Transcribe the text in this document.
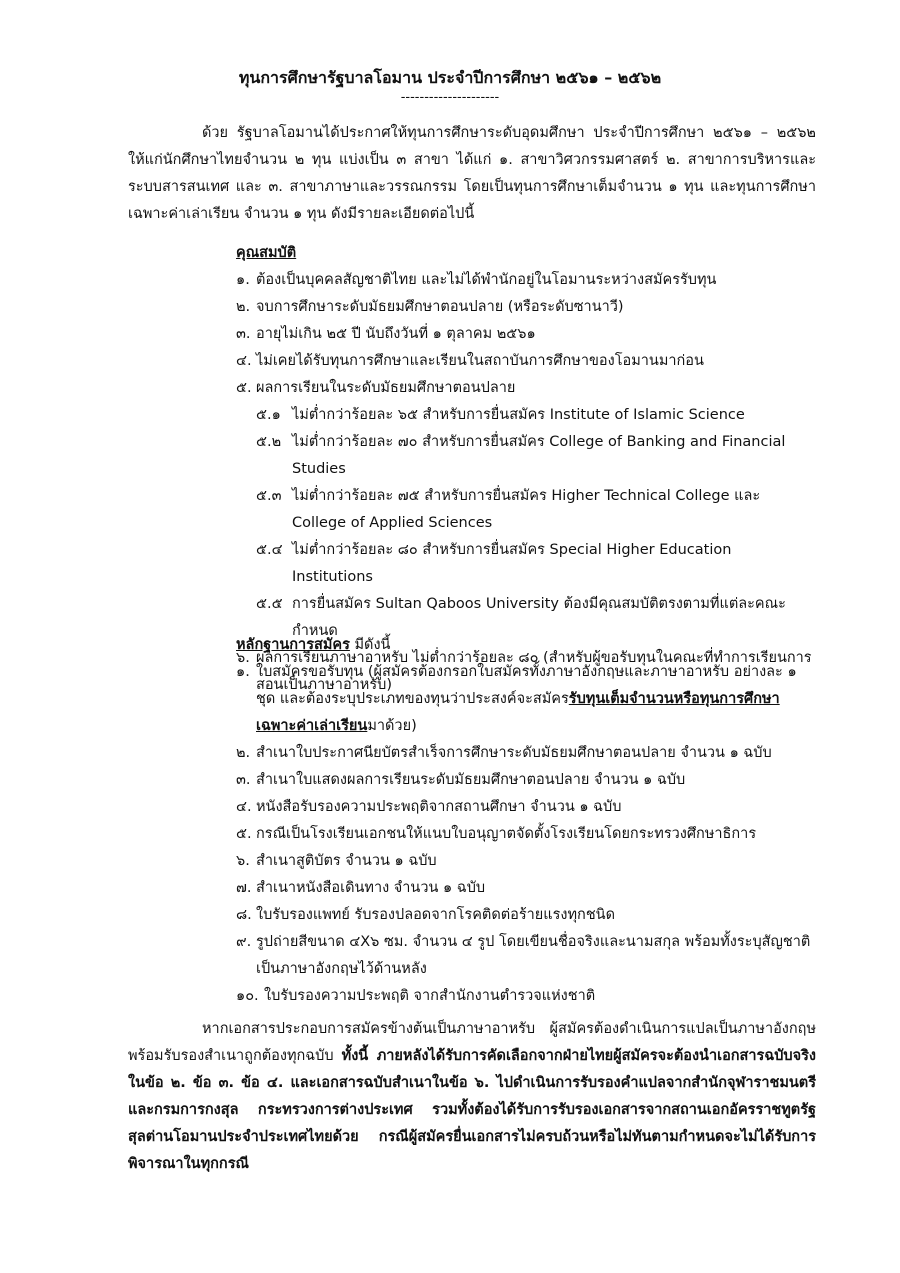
ทุนการศึกษารัฐบาลโอมาน ประจำปีการศึกษา ๒๕๖๑ – ๒๕๖๒
---------------------
ด้วย รัฐบาลโอมานได้ประกาศให้ทุนการศึกษาระดับอุดมศึกษา ประจำปีการศึกษา ๒๕๖๑ – ๒๕๖๒ ให้แก่นักศึกษาไทยจำนวน ๒ ทุน แบ่งเป็น ๓ สาขา ได้แก่ ๑. สาขาวิศวกรรมศาสตร์ ๒. สาขาการบริหารและระบบสารสนเทศ และ ๓. สาขาภาษาและวรรณกรรม โดยเป็นทุนการศึกษาเต็มจำนวน ๑ ทุน และทุนการศึกษาเฉพาะค่าเล่าเรียน จำนวน ๑ ทุน ดังมีรายละเอียดต่อไปนี้
คุณสมบัติ
๑. ต้องเป็นบุคคลสัญชาติไทย และไม่ได้พำนักอยู่ในโอมานระหว่างสมัครรับทุน
๒. จบการศึกษาระดับมัธยมศึกษาตอนปลาย (หรือระดับซานาวี)
๓. อายุไม่เกิน ๒๕ ปี นับถึงวันที่ ๑ ตุลาคม ๒๕๖๑
๔. ไม่เคยได้รับทุนการศึกษาและเรียนในสถาบันการศึกษาของโอมานมาก่อน
๕. ผลการเรียนในระดับมัธยมศึกษาตอนปลาย
๕.๑ ไม่ต่ำกว่าร้อยละ ๖๕ สำหรับการยื่นสมัคร Institute of Islamic Science
๕.๒ ไม่ต่ำกว่าร้อยละ ๗๐ สำหรับการยื่นสมัคร College of Banking and Financial Studies
๕.๓ ไม่ต่ำกว่าร้อยละ ๗๕ สำหรับการยื่นสมัคร Higher Technical College และ College of Applied Sciences
๕.๔ ไม่ต่ำกว่าร้อยละ ๘๐ สำหรับการยื่นสมัคร Special Higher Education Institutions
๕.๕ การยื่นสมัคร Sultan Qaboos University ต้องมีคุณสมบัติตรงตามที่แต่ละคณะกำหนด
๖. ผลการเรียนภาษาอาหรับ ไม่ต่ำกว่าร้อยละ ๘๐ (สำหรับผู้ขอรับทุนในคณะที่ทำการเรียนการสอนเป็นภาษาอาหรับ)
หลักฐานการสมัคร มีดังนี้
๑. ใบสมัครขอรับทุน (ผู้สมัครต้องกรอกใบสมัครทั้งภาษาอังกฤษและภาษาอาหรับ อย่างละ ๑ ชุด และต้องระบุประเภทของทุนว่าประสงค์จะสมัครรับทุนเต็มจำนวนหรือทุนการศึกษาเฉพาะค่าเล่าเรียนมาด้วย)
๒. สำเนาใบประกาศนียบัตรสำเร็จการศึกษาระดับมัธยมศึกษาตอนปลาย จำนวน ๑ ฉบับ
๓. สำเนาใบแสดงผลการเรียนระดับมัธยมศึกษาตอนปลาย จำนวน ๑ ฉบับ
๔. หนังสือรับรองความประพฤติจากสถานศึกษา จำนวน ๑ ฉบับ
๕. กรณีเป็นโรงเรียนเอกชนให้แนบใบอนุญาตจัดตั้งโรงเรียนโดยกระทรวงศึกษาธิการ
๖. สำเนาสูติบัตร จำนวน ๑ ฉบับ
๗. สำเนาหนังสือเดินทาง จำนวน ๑ ฉบับ
๘. ใบรับรองแพทย์ รับรองปลอดจากโรคติดต่อร้ายแรงทุกชนิด
๙. รูปถ่ายสีขนาด ๔X๖ ซม. จำนวน ๔ รูป โดยเขียนชื่อจริงและนามสกุล พร้อมทั้งระบุสัญชาติเป็นภาษาอังกฤษไว้ด้านหลัง
๑๐. ใบรับรองความประพฤติ จากสำนักงานตำรวจแห่งชาติ
หากเอกสารประกอบการสมัครข้างต้นเป็นภาษาอาหรับ ผู้สมัครต้องดำเนินการแปลเป็นภาษาอังกฤษพร้อมรับรองสำเนาถูกต้องทุกฉบับ ทั้งนี้ ภายหลังได้รับการคัดเลือกจากฝ่ายไทยผู้สมัครจะต้องนำเอกสารฉบับจริงในข้อ ๒. ข้อ ๓. ข้อ ๔. และเอกสารฉบับสำเนาในข้อ ๖. ไปดำเนินการรับรองคำแปลจากสำนักจุฬาราชมนตรี และกรมการกงสุล กระทรวงการต่างประเทศ รวมทั้งต้องได้รับการรับรองเอกสารจากสถานเอกอัครราชทูตรัฐสุลต่านโอมานประจำประเทศไทยด้วย กรณีผู้สมัครยื่นเอกสารไม่ครบถ้วนหรือไม่ทันตามกำหนดจะไม่ได้รับการพิจารณาในทุกกรณี
